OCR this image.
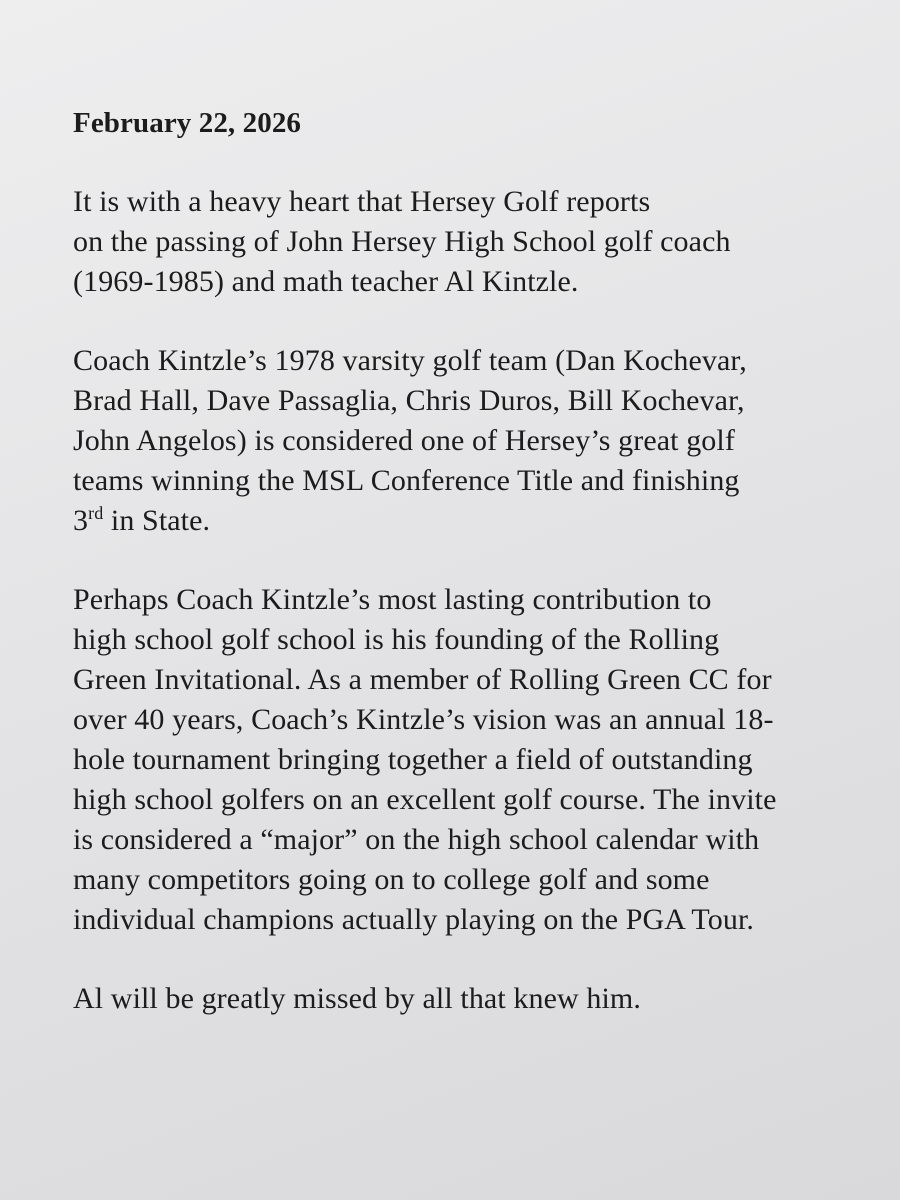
February 22, 2026

It is with a heavy heart that Hersey Golf reports

on the passing of John Hersey High School golf coach

(1969-1985) and math teacher Al Kintzle.

Coach Kintzle’s 1978 varsity golf team (Dan Kochevar,

Brad Hall, Dave Passaglia, Chris Duros, Bill Kochevar,

John Angelos) is considered one of Hersey’s great golf

teams winning the MSL Conference Title and finishing

3rd in State.

Perhaps Coach Kintzle’s most lasting contribution to

high school golf school is his founding of the Rolling

Green Invitational. As a member of Rolling Green CC for

over 40 years, Coach’s Kintzle’s vision was an annual 18-

hole tournament bringing together a field of outstanding

high school golfers on an excellent golf course. The invite

is considered a “major” on the high school calendar with

many competitors going on to college golf and some

individual champions actually playing on the PGA Tour.

Al will be greatly missed by all that knew him.
